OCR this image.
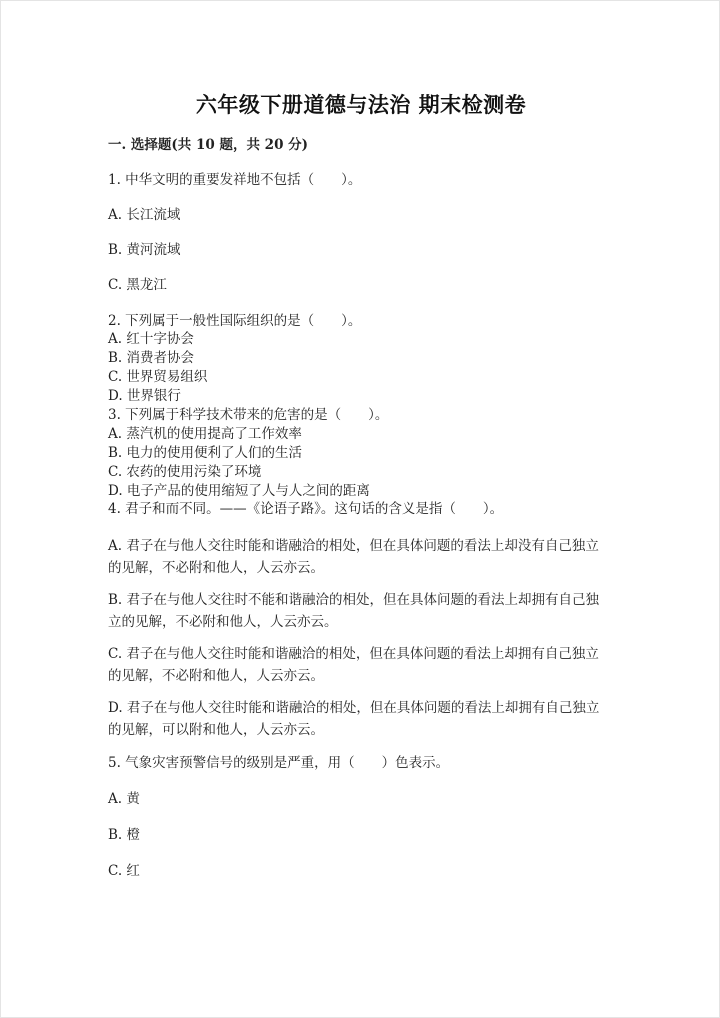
六年级下册道德与法治 期末检测卷
一. 选择题(共 10 题，共 20 分)
1. 中华文明的重要发祥地不包括（　　）。
A. 长江流域
B. 黄河流域
C. 黑龙江
2. 下列属于一般性国际组织的是（　　）。
A. 红十字协会
B. 消费者协会
C. 世界贸易组织
D. 世界银行
3. 下列属于科学技术带来的危害的是（　　）。
A. 蒸汽机的使用提高了工作效率
B. 电力的使用便利了人们的生活
C. 农药的使用污染了环境
D. 电子产品的使用缩短了人与人之间的距离
4. 君子和而不同。——《论语子路》。这句话的含义是指（　　）。
A. 君子在与他人交往时能和谐融洽的相处，但在具体问题的看法上却没有自己独立的见解，不必附和他人，人云亦云。
B. 君子在与他人交往时不能和谐融洽的相处，但在具体问题的看法上却拥有自己独立的见解，不必附和他人，人云亦云。
C. 君子在与他人交往时能和谐融洽的相处，但在具体问题的看法上却拥有自己独立的见解，不必附和他人，人云亦云。
D. 君子在与他人交往时能和谐融洽的相处，但在具体问题的看法上却拥有自己独立的见解，可以附和他人，人云亦云。
5. 气象灾害预警信号的级别是严重，用（　　）色表示。
A. 黄
B. 橙
C. 红
